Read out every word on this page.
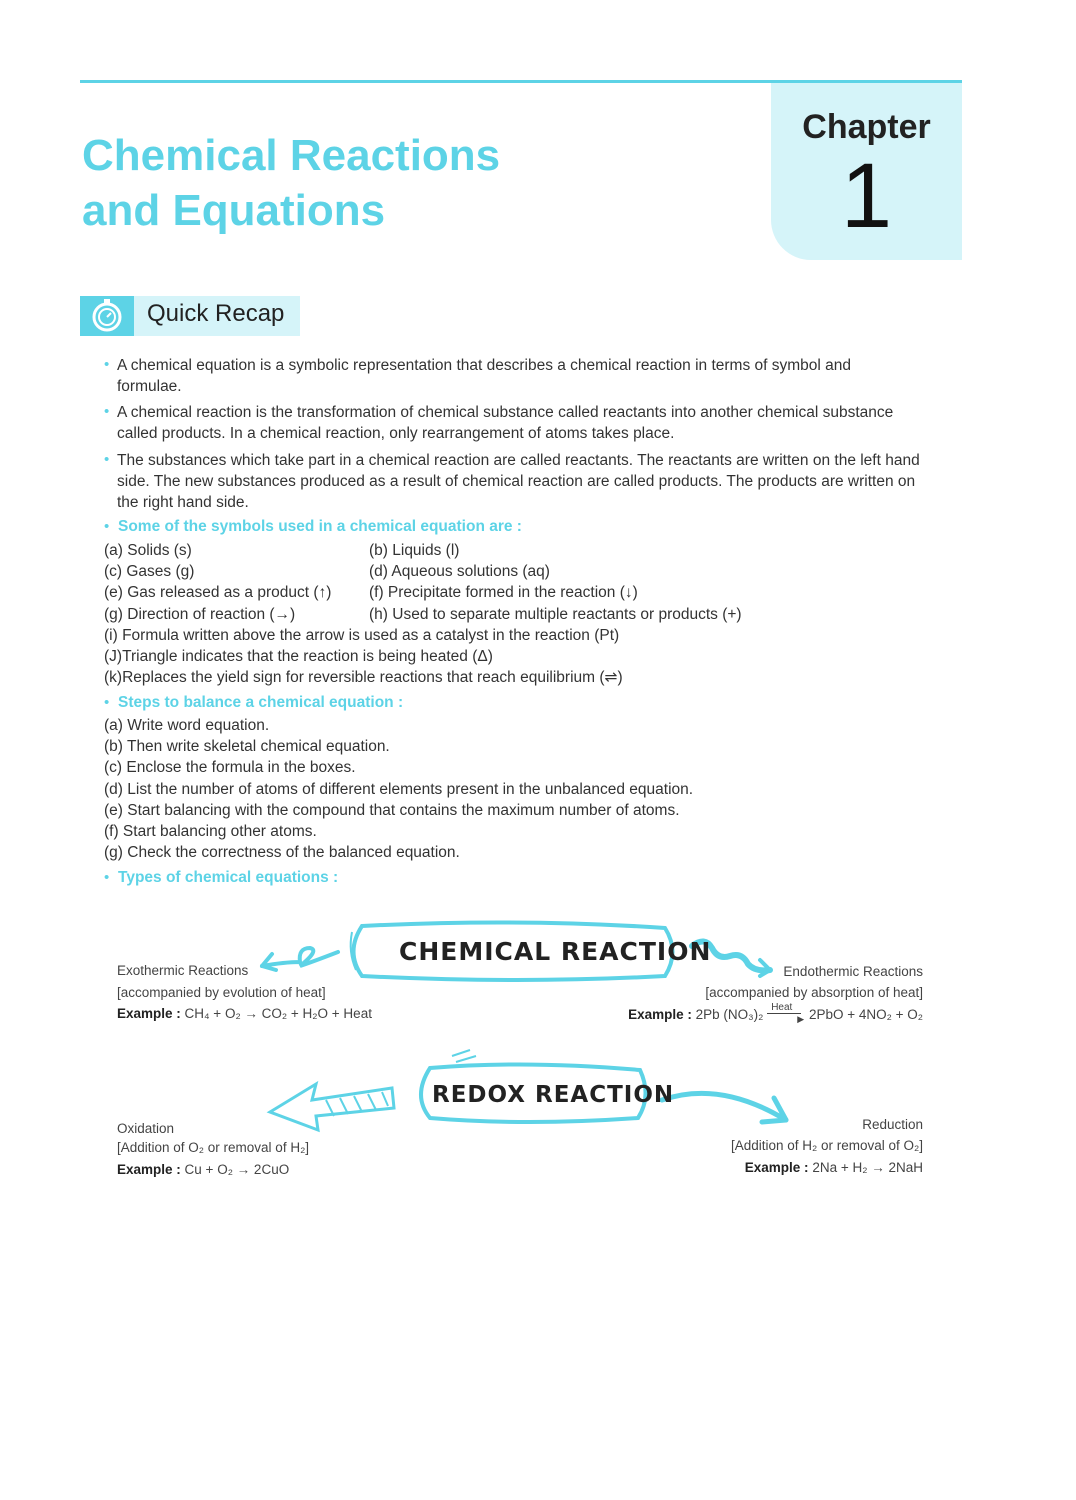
Chapter
1
Chemical Reactions
and Equations
Quick Recap
• A chemical equation is a symbolic representation that describes a chemical reaction in terms of symbol and
formulae.
• A chemical reaction is the transformation of chemical substance called reactants into another chemical substance
called products. In a chemical reaction, only rearrangement of atoms takes place.
• The substances which take part in a chemical reaction are called reactants. The reactants are written on the left hand
side. The new substances produced as a result of chemical reaction are called products. The products are written on
the right hand side.
• Some of the symbols used in a chemical equation are :
(a) Solids (s)	(b) Liquids (l)
(c) Gases (g)	(d) Aqueous solutions (aq)
(e) Gas released as a product (↑) (f) Precipitate formed in the reaction (↓)
(g) Direction of reaction (→)	(h) Used to separate multiple reactants or products (+)
(i) Formula written above the arrow is used as a catalyst in the reaction (Pt)
(J)Triangle indicates that the reaction is being heated (Δ)
(k)Replaces the yield sign for reversible reactions that reach equilibrium (⇌)
• Steps to balance a chemical equation :
(a) Write word equation.
(b) Then write skeletal chemical equation.
(c) Enclose the formula in the boxes.
(d) List the number of atoms of different elements present in the unbalanced equation.
(e) Start balancing with the compound that contains the maximum number of atoms.
(f) Start balancing other atoms.
(g) Check the correctness of the balanced equation.
• Types of chemical equations :
CHEMICAL REACTION
REDOX REACTION
Exothermic Reactions
[accompanied by evolution of heat]
Example : CH₄ + O₂ → CO₂ + H₂O + Heat
Endothermic Reactions
[accompanied by absorption of heat]
Example : 2Pb (NO₃)₂ Heat
▶ 2PbO + 4NO₂ + O₂
Oxidation
[Addition of O₂ or removal of H₂]
Example : Cu + O₂ → 2CuO
Reduction
[Addition of H₂ or removal of O₂]
Example : 2Na + H₂ → 2NaH
